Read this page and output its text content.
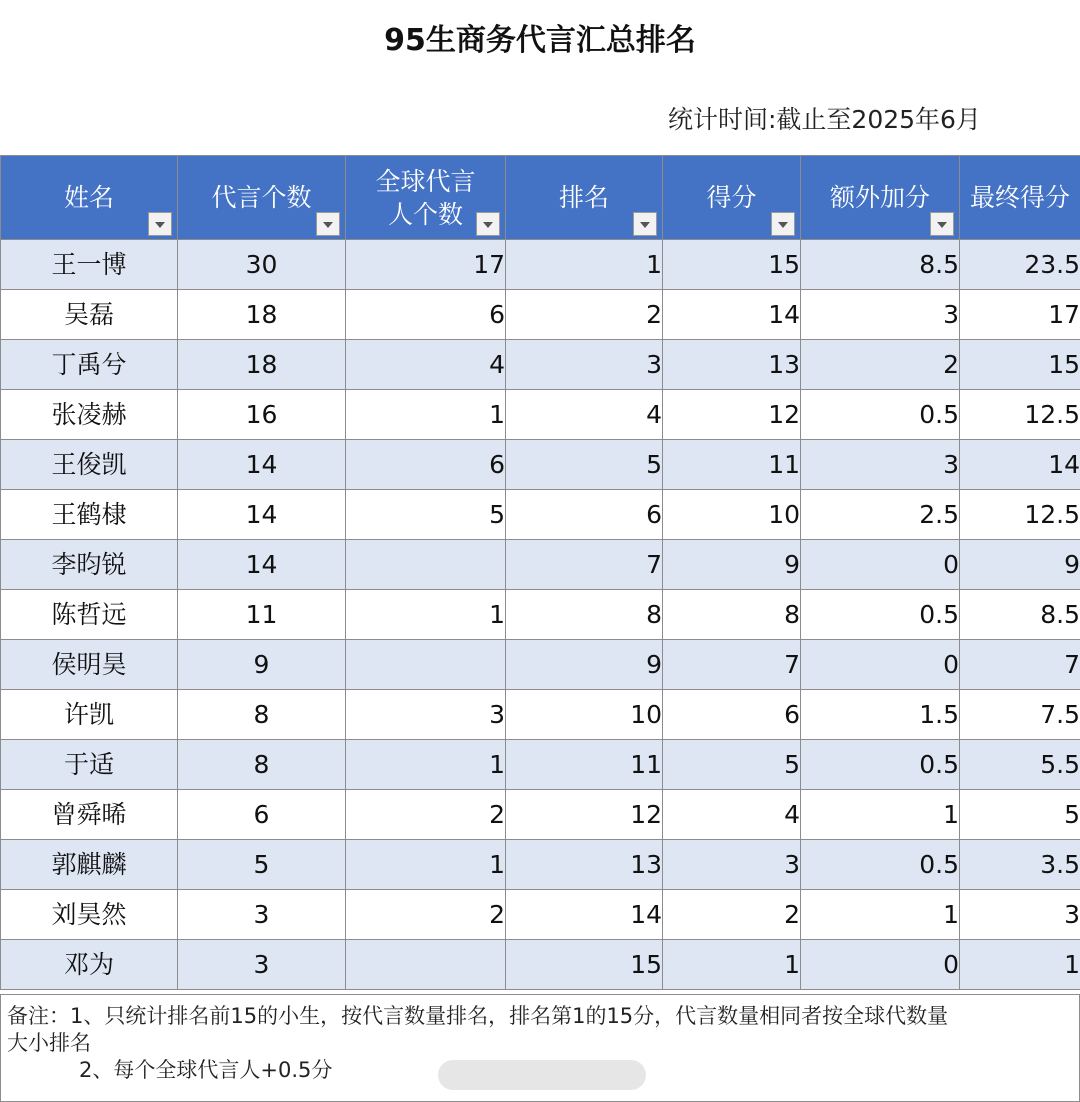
95生商务代言汇总排名
统计时间:截止至2025年6月
姓名	代言个数	全球代言
人个数	排名	得分	额外加分	最终得分

王一博	30	17	1	15	8.5	23.5
吴磊	18	6	2	14	3	17
丁禹兮	18	4	3	13	2	15
张凌赫	16	1	4	12	0.5	12.5
王俊凯	14	6	5	11	3	14
王鹤棣	14	5	6	10	2.5	12.5
李昀锐	14		7	9	0	9
陈哲远	11	1	8	8	0.5	8.5
侯明昊	9		9	7	0	7
许凯	8	3	10	6	1.5	7.5
于适	8	1	11	5	0.5	5.5
曾舜晞	6	2	12	4	1	5
郭麒麟	5	1	13	3	0.5	3.5
刘昊然	3	2	14	2	1	3
邓为	3		15	1	0	1
备注：1、只统计排名前15的小生，按代言数量排名，排名第1的15分，代言数量相同者按全球代数量
大小排名
2、每个全球代言人+0.5分
